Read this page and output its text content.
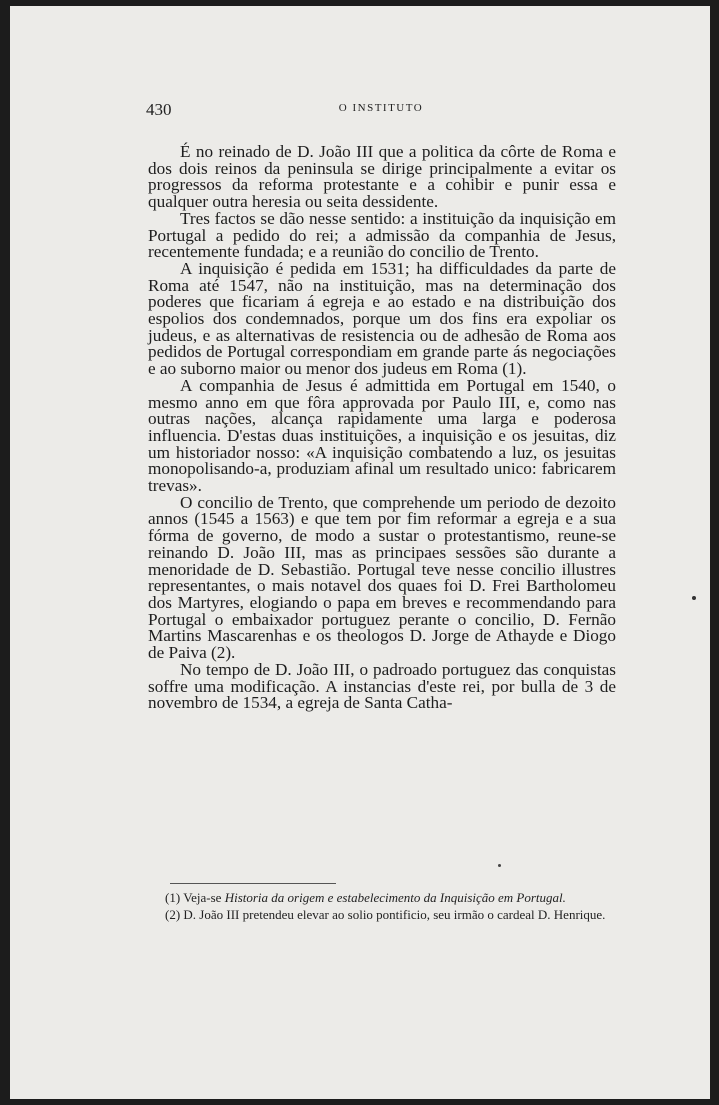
430	O INSTITUTO

É no reinado de D. João III que a politica da côrte de Roma e dos dois reinos da peninsula se dirige principalmente a evitar os progressos da reforma protestante e a cohibir e punir essa e qualquer outra heresia ou seita dessidente.

Tres factos se dão nesse sentido: a instituição da inquisição em Portugal a pedido do rei; a admissão da companhia de Jesus, recentemente fundada; e a reunião do concilio de Trento.

A inquisição é pedida em 1531; ha difficuldades da parte de Roma até 1547, não na instituição, mas na determinação dos poderes que ficariam á egreja e ao estado e na distribuição dos espolios dos condemnados, porque um dos fins era expoliar os judeus, e as alternativas de resistencia ou de adhesão de Roma aos pedidos de Portugal correspondiam em grande parte ás negociações e ao suborno maior ou menor dos judeus em Roma (1).

A companhia de Jesus é admittida em Portugal em 1540, o mesmo anno em que fôra approvada por Paulo III, e, como nas outras nações, alcança rapidamente uma larga e poderosa influencia. D'estas duas instituições, a inquisição e os jesuitas, diz um historiador nosso: «A inquisição combatendo a luz, os jesuitas monopolisando-a, produziam afinal um resultado unico: fabricarem trevas».

O concilio de Trento, que comprehende um periodo de dezoito annos (1545 a 1563) e que tem por fim reformar a egreja e a sua fórma de governo, de modo a sustar o protestantismo, reune-se reinando D. João III, mas as principaes sessões são durante a menoridade de D. Sebastião. Portugal teve nesse concilio illustres representantes, o mais notavel dos quaes foi D. Frei Bartholomeu dos Martyres, elogiando o papa em breves e recommendando para Portugal o embaixador portuguez perante o concilio, D. Fernão Martins Mascarenhas e os theologos D. Jorge de Athayde e Diogo de Paiva (2).

No tempo de D. João III, o padroado portuguez das conquistas soffre uma modificação. A instancias d'este rei, por bulla de 3 de novembro de 1534, a egreja de Santa Catha-

(1) Veja-se Historia da origem e estabelecimento da Inquisição em Portugal.

(2) D. João III pretendeu elevar ao solio pontificio, seu irmão o cardeal D. Henrique.
